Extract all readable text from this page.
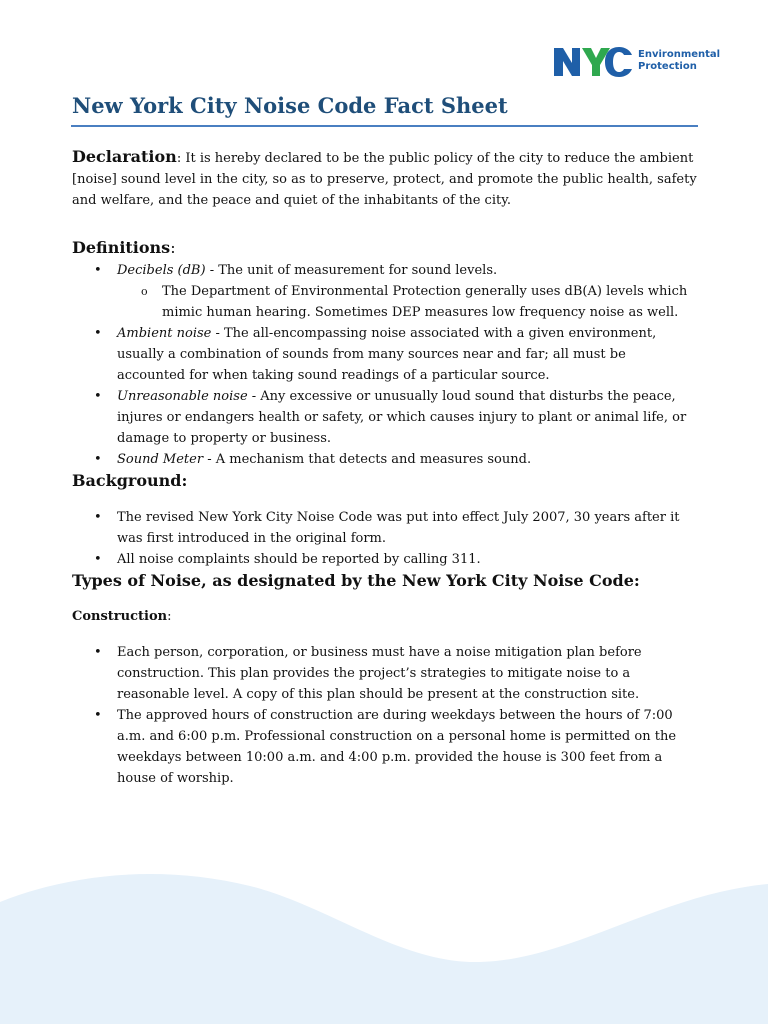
Environmental
Protection
New York City Noise Code Fact Sheet

Declaration: It is hereby declared to be the public policy of the city to reduce the ambient [noise] sound level in the city, so as to preserve, protect, and promote the public health, safety and welfare, and the peace and quiet of the inhabitants of the city.

Definitions:
• Decibels (dB) - The unit of measurement for sound levels.
o The Department of Environmental Protection generally uses dB(A) levels which mimic human hearing. Sometimes DEP measures low frequency noise as well.
• Ambient noise - The all-encompassing noise associated with a given environment, usually a combination of sounds from many sources near and far; all must be accounted for when taking sound readings of a particular source.
• Unreasonable noise - Any excessive or unusually loud sound that disturbs the peace, injures or endangers health or safety, or which causes injury to plant or animal life, or damage to property or business.
• Sound Meter - A mechanism that detects and measures sound.
Background:
• The revised New York City Noise Code was put into effect July 2007, 30 years after it was first introduced in the original form.
• All noise complaints should be reported by calling 311.
Types of Noise, as designated by the New York City Noise Code:
Construction:
• Each person, corporation, or business must have a noise mitigation plan before construction. This plan provides the project’s strategies to mitigate noise to a reasonable level. A copy of this plan should be present at the construction site.
• The approved hours of construction are during weekdays between the hours of 7:00 a.m. and 6:00 p.m. Professional construction on a personal home is permitted on the weekdays between 10:00 a.m. and 4:00 p.m. provided the house is 300 feet from a house of worship.
